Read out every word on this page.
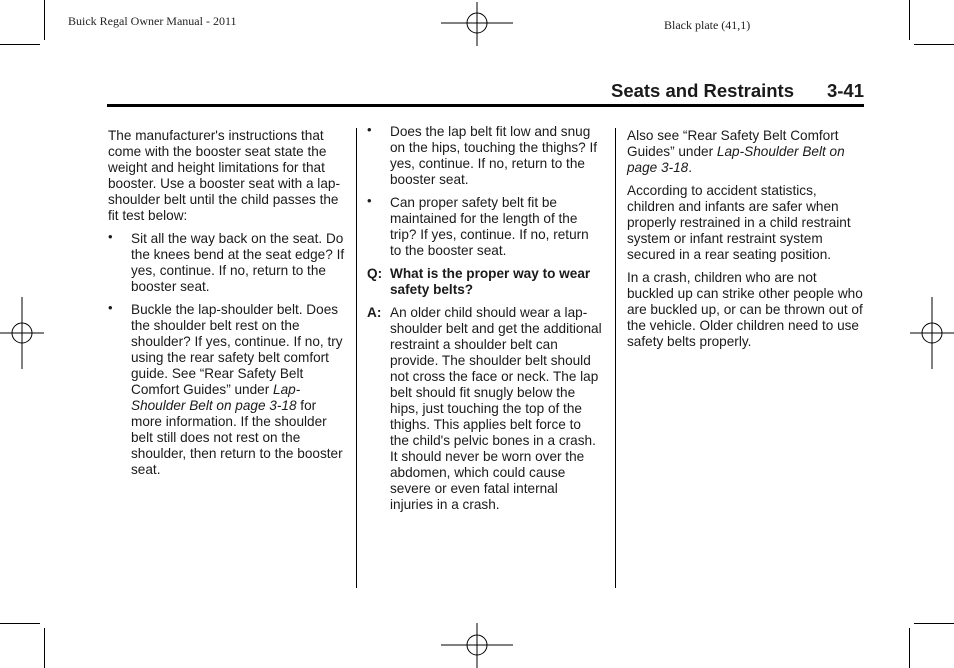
Buick Regal Owner Manual - 2011	Black plate (41,1)
Seats and Restraints 3-41

The manufacturer's instructions that come with the booster seat state the weight and height limitations for that booster. Use a booster seat with a lap-shoulder belt until the child passes the fit test below:

• Sit all the way back on the seat. Do the knees bend at the seat edge? If yes, continue. If no, return to the booster seat.
• Buckle the lap-shoulder belt. Does the shoulder belt rest on the shoulder? If yes, continue. If no, try using the rear safety belt comfort guide. See “Rear Safety Belt Comfort Guides” under Lap-Shoulder Belt on page 3-18 for more information. If the shoulder belt still does not rest on the shoulder, then return to the booster seat.
• Does the lap belt fit low and snug on the hips, touching the thighs? If yes, continue. If no, return to the booster seat.
• Can proper safety belt fit be maintained for the length of the trip? If yes, continue. If no, return to the booster seat.
Q: What is the proper way to wear safety belts?
A: An older child should wear a lap-shoulder belt and get the additional restraint a shoulder belt can provide. The shoulder belt should not cross the face or neck. The lap belt should fit snugly below the hips, just touching the top of the thighs. This applies belt force to the child's pelvic bones in a crash. It should never be worn over the abdomen, which could cause severe or even fatal internal injuries in a crash.

Also see “Rear Safety Belt Comfort Guides” under Lap-Shoulder Belt on page 3-18.

According to accident statistics, children and infants are safer when properly restrained in a child restraint system or infant restraint system secured in a rear seating position.

In a crash, children who are not buckled up can strike other people who are buckled up, or can be thrown out of the vehicle. Older children need to use safety belts properly.
